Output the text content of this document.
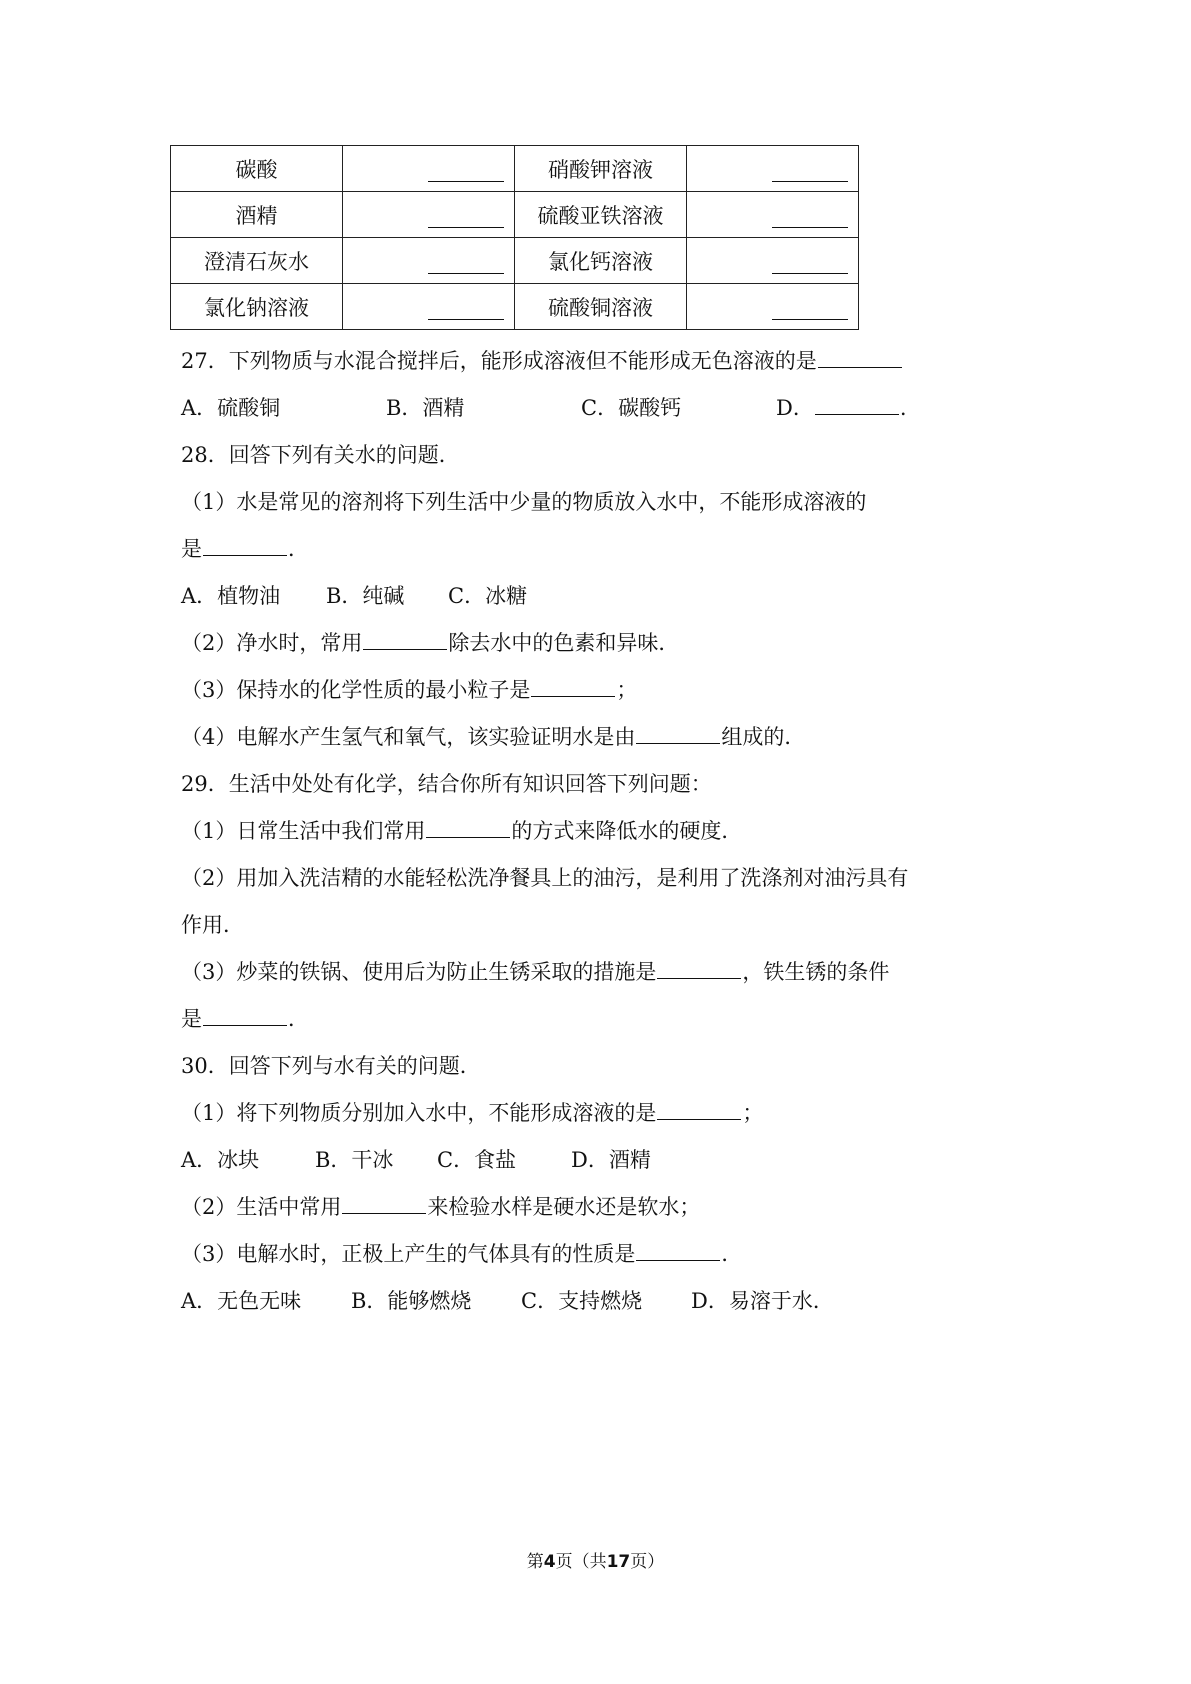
碳酸		硝酸钾溶液	

酒精		硫酸亚铁溶液	

澄清石灰水		氯化钙溶液	

氯化钠溶液		硫酸铜溶液	
27．下列物质与水混合搅拌后，能形成溶液但不能形成无色溶液的是
A．硫酸铜	B．酒精	C．碳酸钙	D．	.
28．回答下列有关水的问题．
（1）水是常见的溶剂将下列生活中少量的物质放入水中，不能形成溶液的
是	．
A．植物油 B．纯碱 C．冰糖
（2）净水时，常用	除去水中的色素和异味．
（3）保持水的化学性质的最小粒子是	；
（4）电解水产生氢气和氧气，该实验证明水是由	组成的．
29．生活中处处有化学，结合你所有知识回答下列问题：
（1）日常生活中我们常用	的方式来降低水的硬度．
（2）用加入洗洁精的水能轻松洗净餐具上的油污，是利用了洗涤剂对油污具有
作用．
（3）炒菜的铁锅、使用后为防止生锈采取的措施是	，铁生锈的条件
是	．
30．回答下列与水有关的问题．
（1）将下列物质分别加入水中，不能形成溶液的是	；
A．冰块	B．干冰 C．食盐	D．酒精
（2）生活中常用	来检验水样是硬水还是软水；
（3）电解水时，正极上产生的气体具有的性质是	．
A．无色无味 B．能够燃烧 C．支持燃烧 D．易溶于水．
第4页（共17页）
